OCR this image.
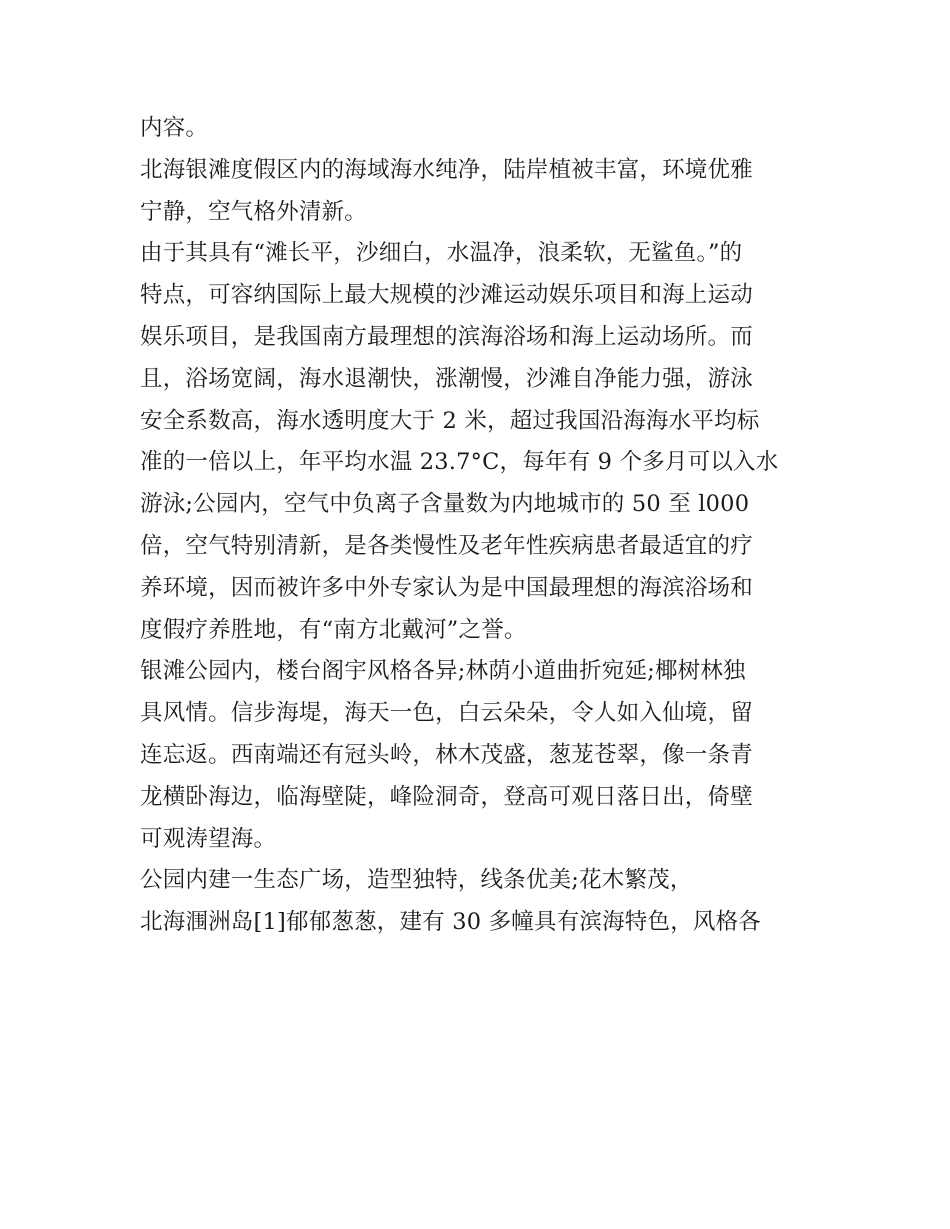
内容。
北海银滩度假区内的海域海水纯净，陆岸植被丰富，环境优雅
宁静，空气格外清新。
由于其具有“滩长平，沙细白，水温净，浪柔软，无鲨鱼。”的
特点，可容纳国际上最大规模的沙滩运动娱乐项目和海上运动
娱乐项目，是我国南方最理想的滨海浴场和海上运动场所。而
且，浴场宽阔，海水退潮快，涨潮慢，沙滩自净能力强，游泳
安全系数高，海水透明度大于 2 米，超过我国沿海海水平均标
准的一倍以上，年平均水温 23.7°C，每年有 9 个多月可以入水
游泳;公园内，空气中负离子含量数为内地城市的 50 至 l000
倍，空气特别清新，是各类慢性及老年性疾病患者最适宜的疗
养环境，因而被许多中外专家认为是中国最理想的海滨浴场和
度假疗养胜地，有“南方北戴河”之誉。
银滩公园内，楼台阁宇风格各异;林荫小道曲折宛延;椰树林独
具风情。信步海堤，海天一色，白云朵朵，令人如入仙境，留
连忘返。西南端还有冠头岭，林木茂盛，葱茏苍翠，像一条青
龙横卧海边，临海壁陡，峰险洞奇，登高可观日落日出，倚壁
可观涛望海。
公园内建一生态广场，造型独特，线条优美;花木繁茂，
北海涠洲岛[1]郁郁葱葱，建有 30 多幢具有滨海特色，风格各
